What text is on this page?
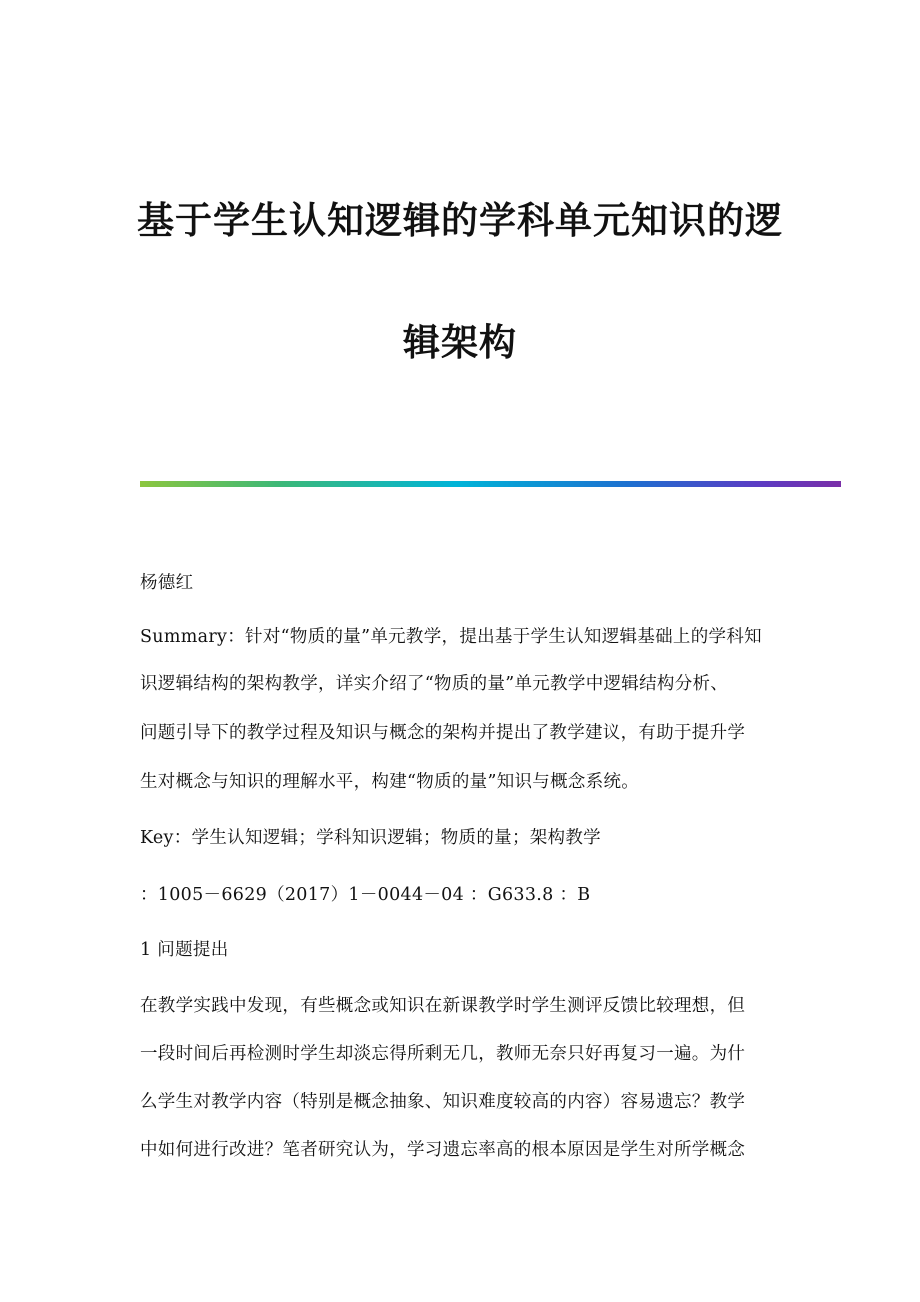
基于学生认知逻辑的学科单元知识的逻
辑架构
杨德红
Summary：针对“物质的量”单元教学，提出基于学生认知逻辑基础上的学科知
识逻辑结构的架构教学，详实介绍了“物质的量”单元教学中逻辑结构分析、
问题引导下的教学过程及知识与概念的架构并提出了教学建议，有助于提升学
生对概念与知识的理解水平，构建“物质的量”知识与概念系统。
Key：学生认知逻辑；学科知识逻辑；物质的量；架构教学
：1005－6629（2017）1－0044－04 ：G633.8 ：B
1 问题提出
在教学实践中发现，有些概念或知识在新课教学时学生测评反馈比较理想，但
一段时间后再检测时学生却淡忘得所剩无几，教师无奈只好再复习一遍。为什
么学生对教学内容（特别是概念抽象、知识难度较高的内容）容易遗忘？教学
中如何进行改进？笔者研究认为，学习遗忘率高的根本原因是学生对所学概念
